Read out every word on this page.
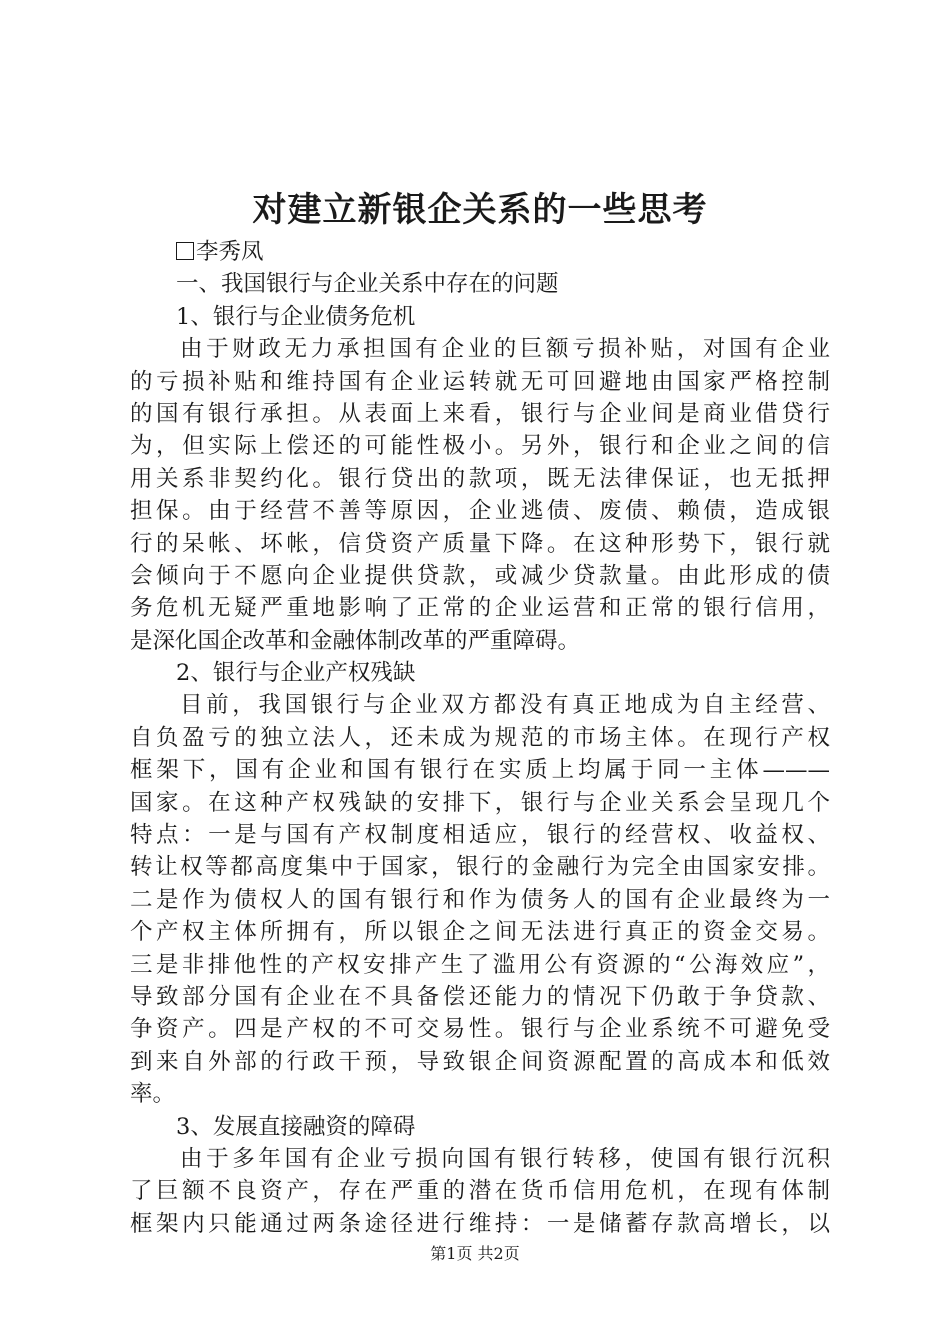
对建立新银企关系的一些思考
李秀凤
一、我国银行与企业关系中存在的问题
1、银行与企业债务危机
由于财政无力承担国有企业的巨额亏损补贴，对国有企业
的亏损补贴和维持国有企业运转就无可回避地由国家严格控制
的国有银行承担。从表面上来看，银行与企业间是商业借贷行
为，但实际上偿还的可能性极小。另外，银行和企业之间的信
用关系非契约化。银行贷出的款项，既无法律保证，也无抵押
担保。由于经营不善等原因，企业逃债、废债、赖债，造成银
行的呆帐、坏帐，信贷资产质量下降。在这种形势下，银行就
会倾向于不愿向企业提供贷款，或减少贷款量。由此形成的债
务危机无疑严重地影响了正常的企业运营和正常的银行信用，
是深化国企改革和金融体制改革的严重障碍。
2、银行与企业产权残缺
目前，我国银行与企业双方都没有真正地成为自主经营、
自负盈亏的独立法人，还未成为规范的市场主体。在现行产权
框架下，国有企业和国有银行在实质上均属于同一主体———
国家。在这种产权残缺的安排下，银行与企业关系会呈现几个
特点：一是与国有产权制度相适应，银行的经营权、收益权、
转让权等都高度集中于国家，银行的金融行为完全由国家安排。
二是作为债权人的国有银行和作为债务人的国有企业最终为一
个产权主体所拥有，所以银企之间无法进行真正的资金交易。
三是非排他性的产权安排产生了滥用公有资源的“公海效应”，
导致部分国有企业在不具备偿还能力的情况下仍敢于争贷款、
争资产。四是产权的不可交易性。银行与企业系统不可避免受
到来自外部的行政干预，导致银企间资源配置的高成本和低效
率。
3、发展直接融资的障碍
由于多年国有企业亏损向国有银行转移，使国有银行沉积
了巨额不良资产，存在严重的潜在货币信用危机，在现有体制
框架内只能通过两条途径进行维持：一是储蓄存款高增长，以
第1页 共2页
